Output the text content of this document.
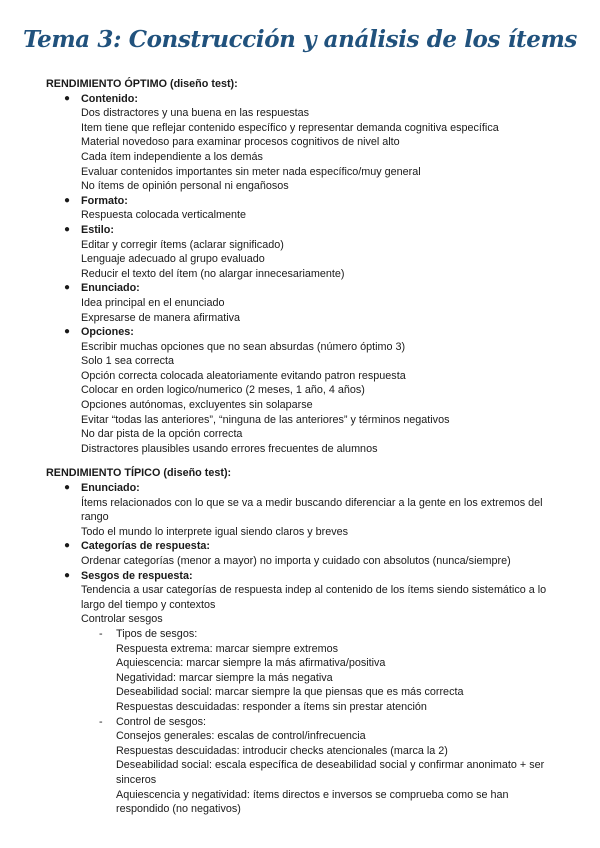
Tema 3: Construcción y análisis de los ítems
RENDIMIENTO ÓPTIMO (diseño test):
● Contenido:
Dos distractores y una buena en las respuestas
Item tiene que reflejar contenido específico y representar demanda cognitiva específica
Material novedoso para examinar procesos cognitivos de nivel alto
Cada ítem independiente a los demás
Evaluar contenidos importantes sin meter nada específico/muy general
No ítems de opinión personal ni engañosos
● Formato:
Respuesta colocada verticalmente
● Estilo:
Editar y corregir ítems (aclarar significado)
Lenguaje adecuado al grupo evaluado
Reducir el texto del ítem (no alargar innecesariamente)
● Enunciado:
Idea principal en el enunciado
Expresarse de manera afirmativa
● Opciones:
Escribir muchas opciones que no sean absurdas (número óptimo 3)
Solo 1 sea correcta
Opción correcta colocada aleatoriamente evitando patron respuesta
Colocar en orden logico/numerico (2 meses, 1 año, 4 años)
Opciones autónomas, excluyentes sin solaparse
Evitar “todas las anteriores”, “ninguna de las anteriores” y términos negativos
No dar pista de la opción correcta
Distractores plausibles usando errores frecuentes de alumnos
RENDIMIENTO TÍPICO (diseño test):
● Enunciado:
Ítems relacionados con lo que se va a medir buscando diferenciar a la gente en los extremos del rango
Todo el mundo lo interprete igual siendo claros y breves
● Categorías de respuesta:
Ordenar categorías (menor a mayor) no importa y cuidado con absolutos (nunca/siempre)
● Sesgos de respuesta:
Tendencia a usar categorías de respuesta indep al contenido de los ítems siendo sistemático a lo largo del tiempo y contextos
Controlar sesgos
- Tipos de sesgos:
Respuesta extrema: marcar siempre extremos
Aquiescencia: marcar siempre la más afirmativa/positiva
Negatividad: marcar siempre la más negativa
Deseabilidad social: marcar siempre la que piensas que es más correcta
Respuestas descuidadas: responder a ítems sin prestar atención
- Control de sesgos:
Consejos generales: escalas de control/infrecuencia
Respuestas descuidadas: introducir checks atencionales (marca la 2)
Deseabilidad social: escala específica de deseabilidad social y confirmar anonimato + ser sinceros
Aquiescencia y negatividad: ítems directos e inversos se comprueba como se han respondido (no negativos)
